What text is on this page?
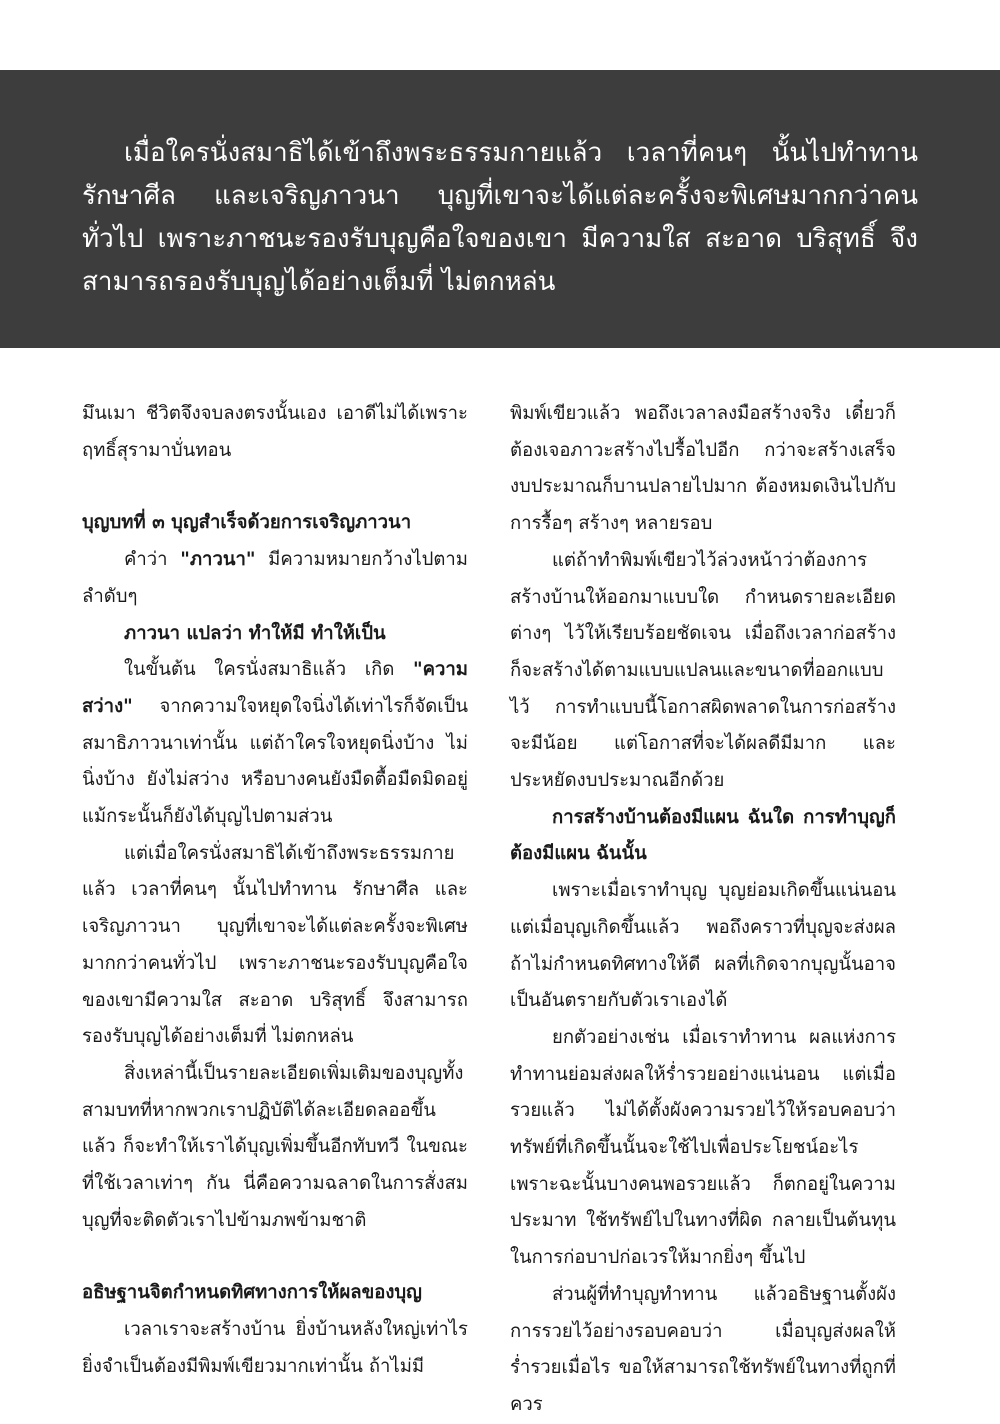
เมื่อใครนั่งสมาธิได้เข้าถึงพระธรรมกายแล้ว เวลาที่คนๆ นั้นไปทำทาน รักษาศีล และเจริญภาวนา บุญที่เขาจะได้แต่ละครั้งจะพิเศษมากกว่าคนทั่วไป เพราะภาชนะรองรับบุญคือใจของเขา มีความใส สะอาด บริสุทธิ์ จึงสามารถรองรับบุญได้อย่างเต็มที่ ไม่ตกหล่น

มึนเมา ชีวิตจึงจบลงตรงนั้นเอง เอาดีไม่ได้เพราะฤทธิ์สุรามาบั่นทอน

บุญบทที่ ๓ บุญสำเร็จด้วยการเจริญภาวนา

คำว่า "ภาวนา" มีความหมายกว้างไปตามลำดับๆ

ภาวนา แปลว่า ทำให้มี ทำให้เป็น

ในขั้นต้น ใครนั่งสมาธิแล้ว เกิด "ความสว่าง" จากความใจหยุดใจนิ่งได้เท่าไรก็จัดเป็นสมาธิภาวนาเท่านั้น แต่ถ้าใครใจหยุดนิ่งบ้าง ไม่นิ่งบ้าง ยังไม่สว่าง หรือบางคนยังมืดตื้อมืดมิดอยู่ แม้กระนั้นก็ยังได้บุญไปตามส่วน

แต่เมื่อใครนั่งสมาธิได้เข้าถึงพระธรรมกายแล้ว เวลาที่คนๆ นั้นไปทำทาน รักษาศีล และเจริญภาวนา บุญที่เขาจะได้แต่ละครั้งจะพิเศษมากกว่าคนทั่วไป เพราะภาชนะรองรับบุญคือใจของเขามีความใส สะอาด บริสุทธิ์ จึงสามารถรองรับบุญได้อย่างเต็มที่ ไม่ตกหล่น

สิ่งเหล่านี้เป็นรายละเอียดเพิ่มเติมของบุญทั้งสามบทที่หากพวกเราปฏิบัติได้ละเอียดลออขึ้นแล้ว ก็จะทำให้เราได้บุญเพิ่มขึ้นอีกทับทวี ในขณะที่ใช้เวลาเท่าๆ กัน นี่คือความฉลาดในการสั่งสมบุญที่จะติดตัวเราไปข้ามภพข้ามชาติ

อธิษฐานจิตกำหนดทิศทางการให้ผลของบุญ

เวลาเราจะสร้างบ้าน ยิ่งบ้านหลังใหญ่เท่าไร ยิ่งจำเป็นต้องมีพิมพ์เขียวมากเท่านั้น ถ้าไม่มี

พิมพ์เขียวแล้ว พอถึงเวลาลงมือสร้างจริง เดี๋ยวก็ต้องเจอภาวะสร้างไปรื้อไปอีก กว่าจะสร้างเสร็จ งบประมาณก็บานปลายไปมาก ต้องหมดเงินไปกับการรื้อๆ สร้างๆ หลายรอบ

แต่ถ้าทำพิมพ์เขียวไว้ล่วงหน้าว่าต้องการสร้างบ้านให้ออกมาแบบใด กำหนดรายละเอียดต่างๆ ไว้ให้เรียบร้อยชัดเจน เมื่อถึงเวลาก่อสร้าง ก็จะสร้างได้ตามแบบแปลนและขนาดที่ออกแบบไว้ การทำแบบนี้โอกาสผิดพลาดในการก่อสร้างจะมีน้อย แต่โอกาสที่จะได้ผลดีมีมาก และประหยัดงบประมาณอีกด้วย

การสร้างบ้านต้องมีแผน ฉันใด การทำบุญก็ต้องมีแผน ฉันนั้น

เพราะเมื่อเราทำบุญ บุญย่อมเกิดขึ้นแน่นอน แต่เมื่อบุญเกิดขึ้นแล้ว พอถึงคราวที่บุญจะส่งผล ถ้าไม่กำหนดทิศทางให้ดี ผลที่เกิดจากบุญนั้นอาจเป็นอันตรายกับตัวเราเองได้

ยกตัวอย่างเช่น เมื่อเราทำทาน ผลแห่งการทำทานย่อมส่งผลให้ร่ำรวยอย่างแน่นอน แต่เมื่อรวยแล้ว ไม่ได้ตั้งผังความรวยไว้ให้รอบคอบว่า ทรัพย์ที่เกิดขึ้นนั้นจะใช้ไปเพื่อประโยชน์อะไร เพราะฉะนั้นบางคนพอรวยแล้ว ก็ตกอยู่ในความประมาท ใช้ทรัพย์ไปในทางที่ผิด กลายเป็นต้นทุนในการก่อบาปก่อเวรให้มากยิ่งๆ ขึ้นไป

ส่วนผู้ที่ทำบุญทำทาน แล้วอธิษฐานตั้งผังการรวยไว้อย่างรอบคอบว่า เมื่อบุญส่งผลให้ร่ำรวยเมื่อไร ขอให้สามารถใช้ทรัพย์ในทางที่ถูกที่ควร
